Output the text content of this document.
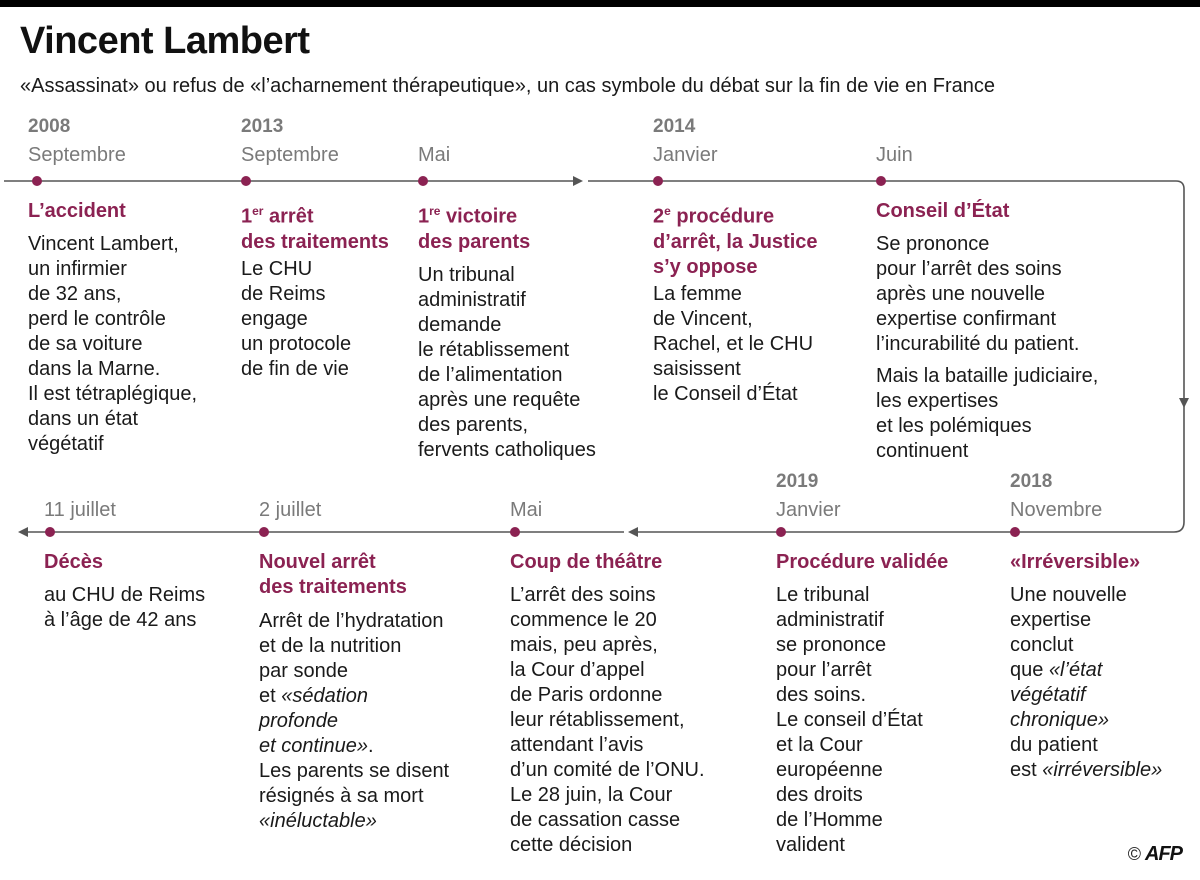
Vincent Lambert
«Assassinat» ou refus de «l’acharnement thérapeutique», un cas symbole du débat sur la fin de vie en France
2008
Septembre
L’accident
Vincent Lambert,
un infirmier
de 32 ans,
perd le contrôle
de sa voiture
dans la Marne.
Il est tétraplégique,
dans un état
végétatif
2013
Septembre
1er arrêt
des traitements
Le CHU
de Reims
engage
un protocole
de fin de vie
Mai
1re victoire
des parents
Un tribunal
administratif
demande
le rétablissement
de l’alimentation
après une requête
des parents,
fervents catholiques
2014
Janvier
2e procédure
d’arrêt, la Justice
s’y oppose
La femme
de Vincent,
Rachel, et le CHU
saisissent
le Conseil d’État
Juin
Conseil d’État
Se prononce
pour l’arrêt des soins
après une nouvelle
expertise confirmant
l’incurabilité du patient.
Mais la bataille judiciaire,
les expertises
et les polémiques
continuent
2018
Novembre
«Irréversible»
Une nouvelle
expertise
conclut
que «l’état
végétatif
chronique»
du patient
est «irréversible»
2019
Janvier
Procédure validée
Le tribunal
administratif
se prononce
pour l’arrêt
des soins.
Le conseil d’État
et la Cour
européenne
des droits
de l’Homme
valident
Mai
Coup de théâtre
L’arrêt des soins
commence le 20
mais, peu après,
la Cour d’appel
de Paris ordonne
leur rétablissement,
attendant l’avis
d’un comité de l’ONU.
Le 28 juin, la Cour
de cassation casse
cette décision
2 juillet
Nouvel arrêt
des traitements
Arrêt de l’hydratation
et de la nutrition
par sonde
et «sédation
profonde
et continue».
Les parents se disent
résignés à sa mort
«inéluctable»
11 juillet
Décès
au CHU de Reims
à l’âge de 42 ans
© AFP
